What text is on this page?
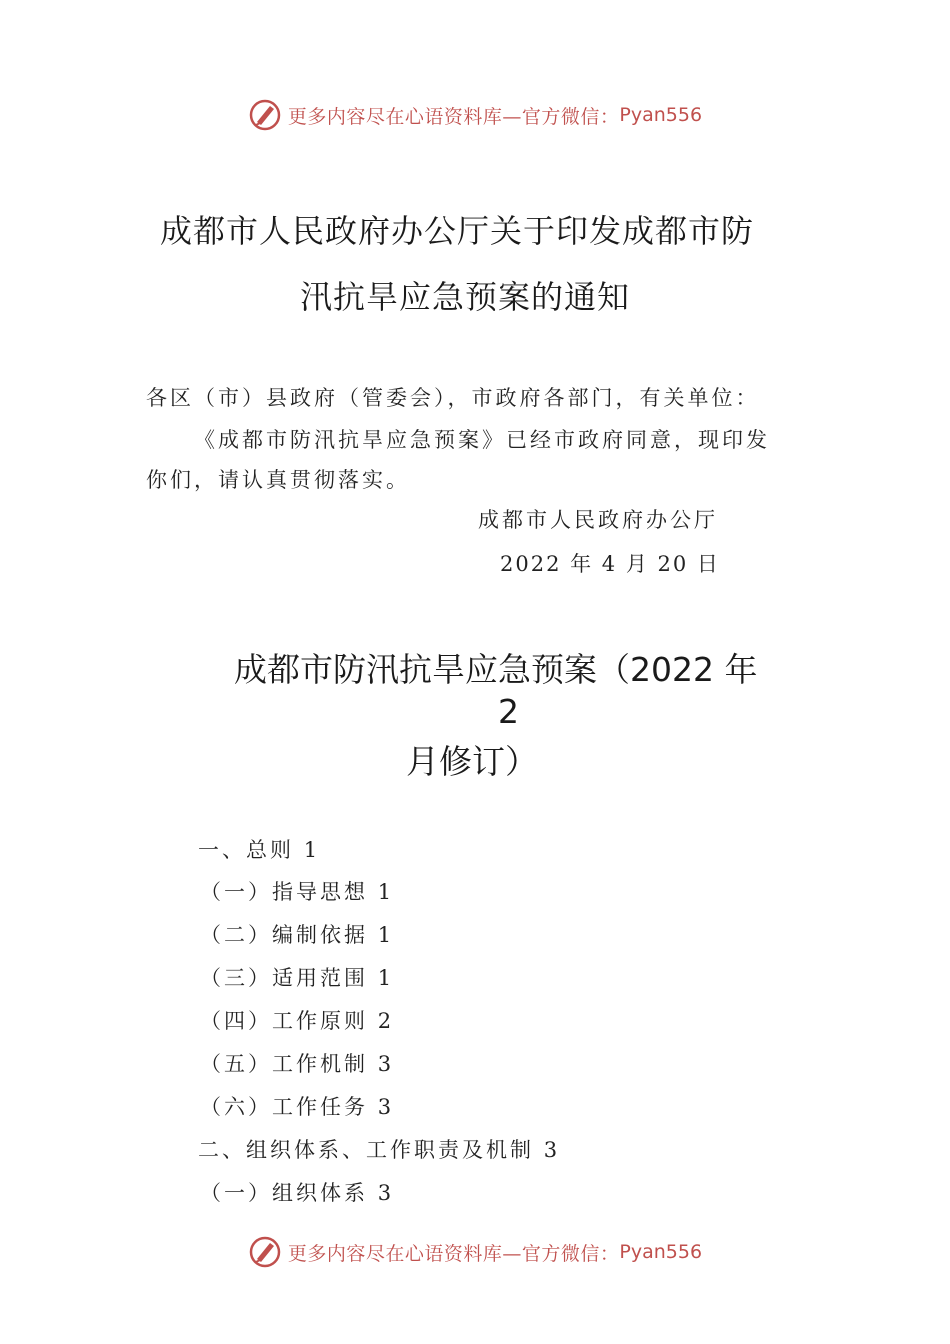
更多内容尽在心语资料库—官方微信： Pyan556
成都市人民政府办公厅关于印发成都市防
汛抗旱应急预案的通知
各区（市）县政府（管委会），市政府各部门，有关单位：
《成都市防汛抗旱应急预案》已经市政府同意，现印发
你们，请认真贯彻落实。
成都市人民政府办公厅
2022 年 4 月 20 日
成都市防汛抗旱应急预案（2022 年
2
月修订）
一、总则 1
（一）指导思想 1
（二）编制依据 1
（三）适用范围 1
（四）工作原则 2
（五）工作机制 3
（六）工作任务 3
二、组织体系、工作职责及机制 3
（一）组织体系 3
更多内容尽在心语资料库—官方微信： Pyan556
